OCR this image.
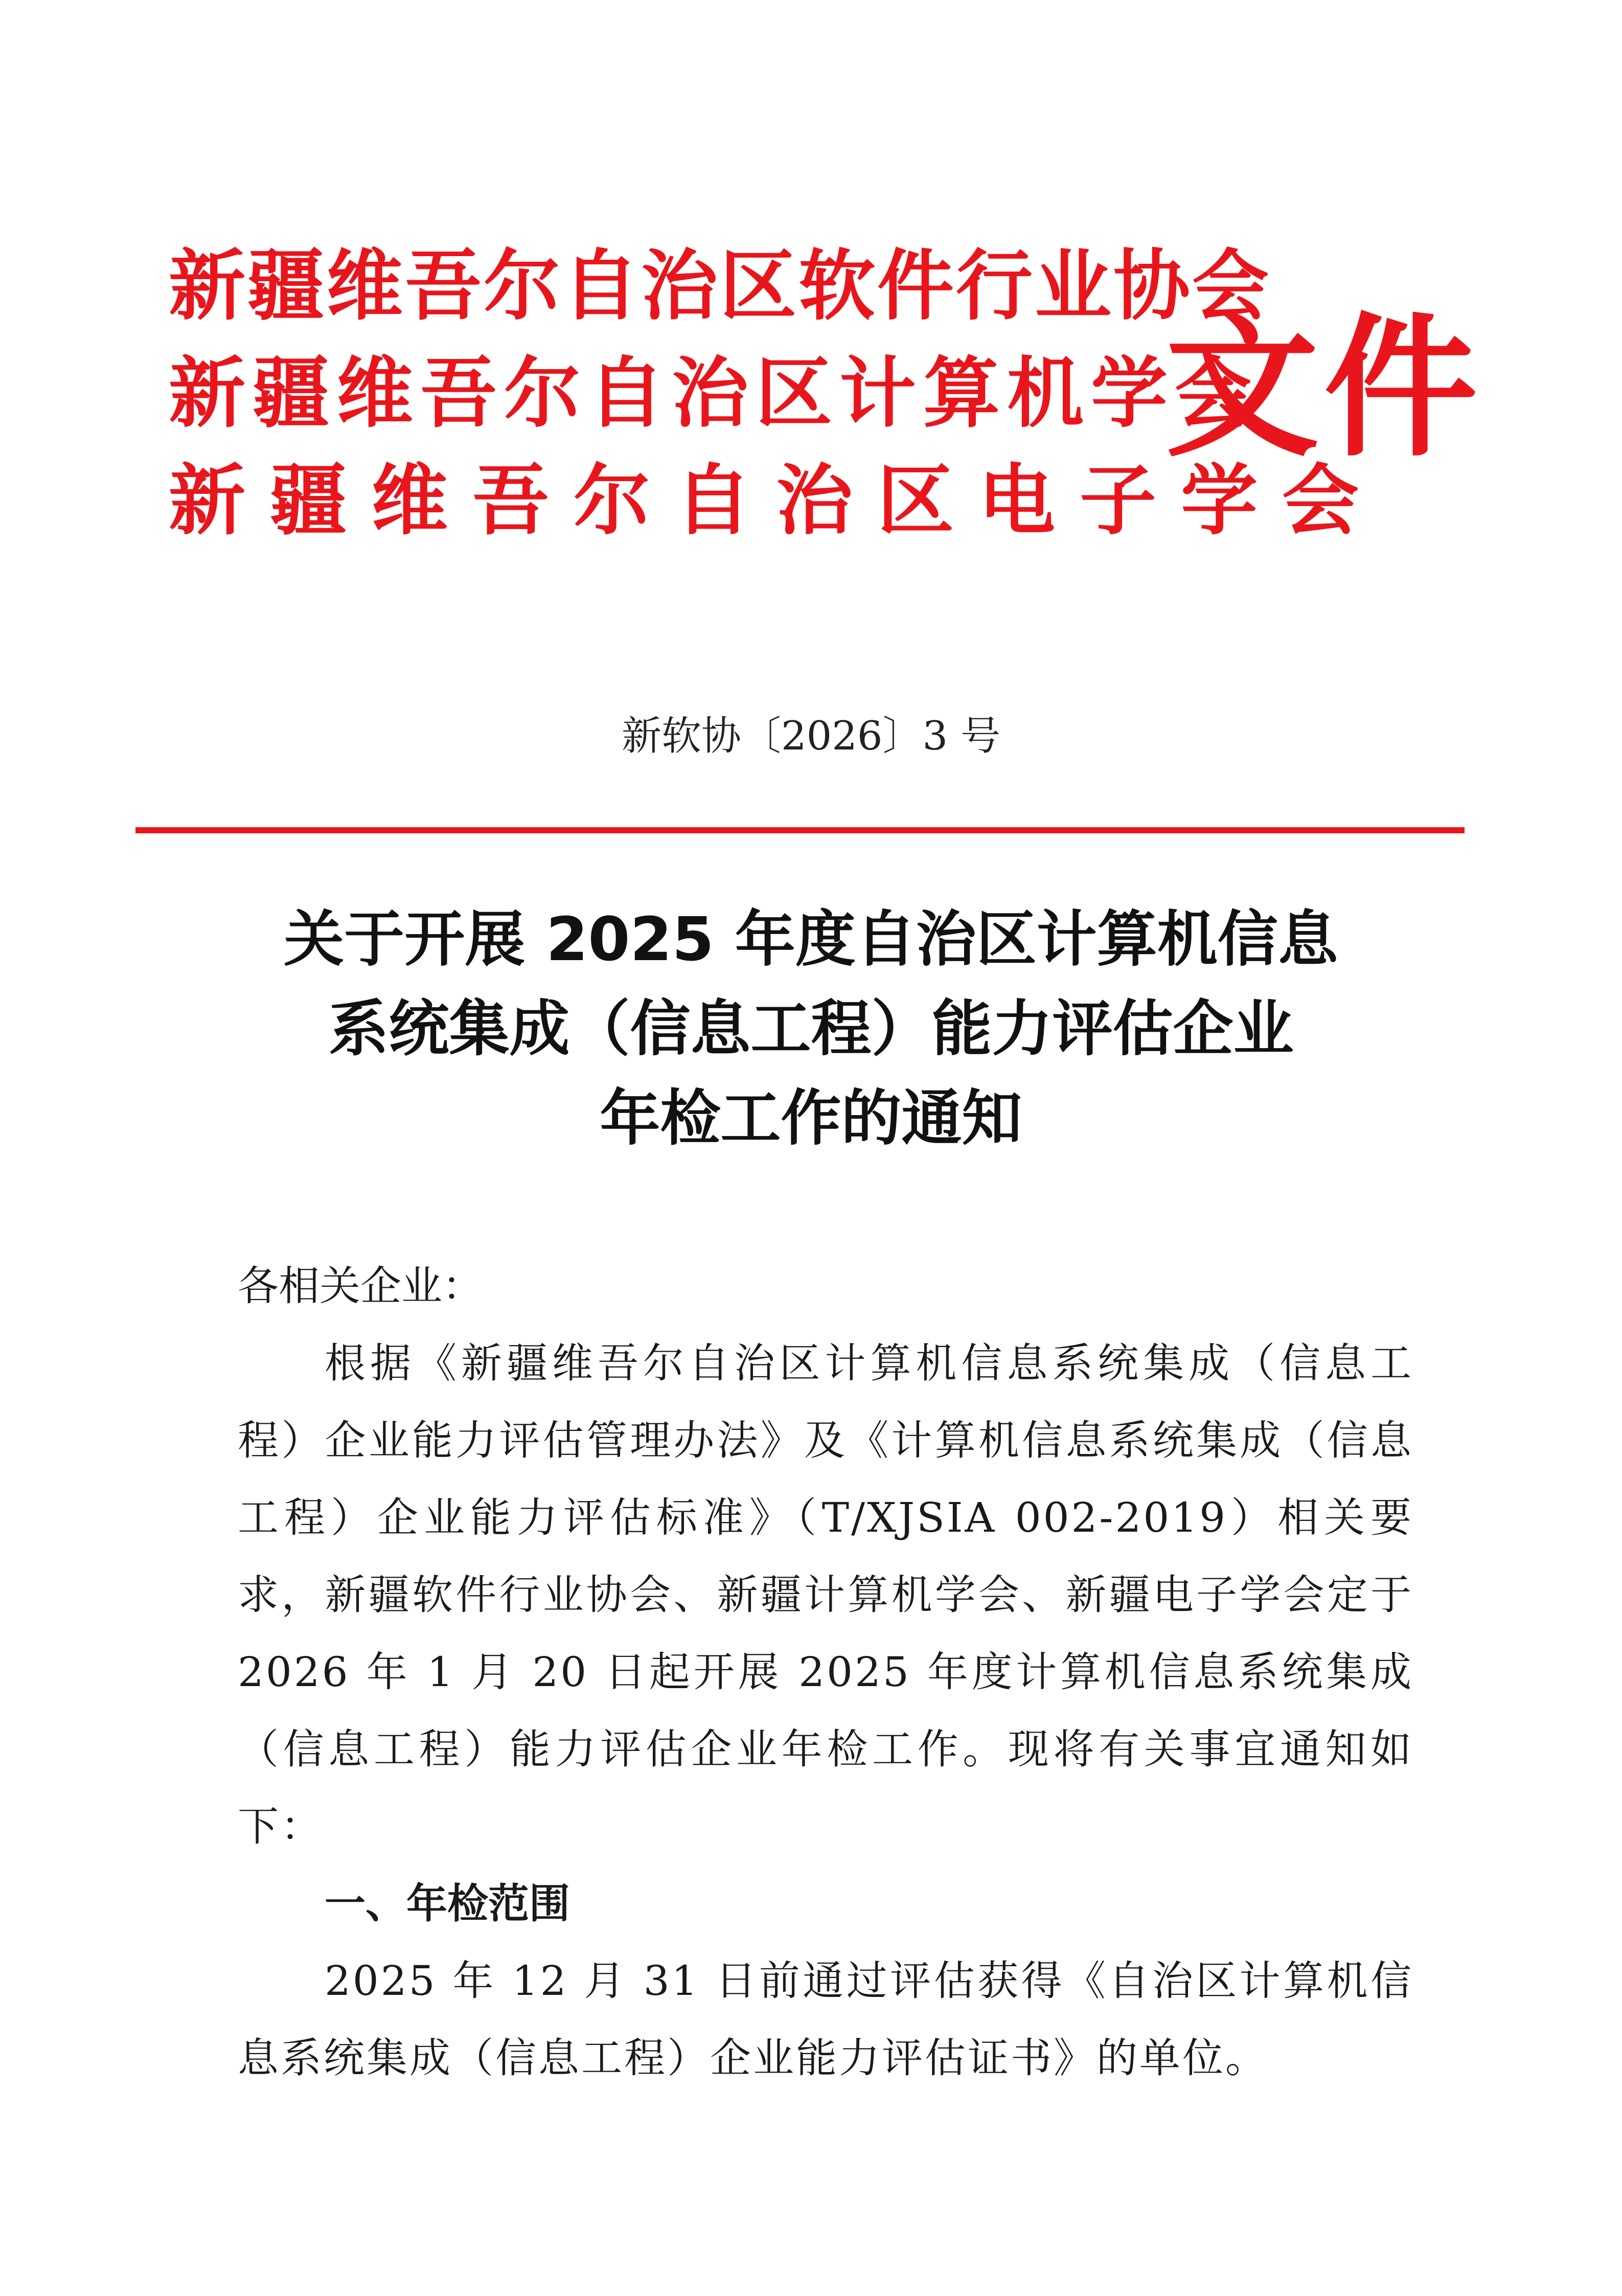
新疆维吾尔自治区软件行业协会
新疆维吾尔自治区计算机学会
新疆维吾尔自治区电子学会
文件
新软协〔2026〕3 号
关于开展 2025 年度自治区计算机信息
系统集成（信息工程）能力评估企业
年检工作的通知

各相关企业：

根据《新疆维吾尔自治区计算机信息系统集成（信息工程）企业能力评估管理办法》及《计算机信息系统集成（信息工程）企业能力评估标准》（T/XJSIA 002-2019）相关要求，新疆软件行业协会、新疆计算机学会、新疆电子学会定于 2026 年 1 月 20 日起开展 2025 年度计算机信息系统集成（信息工程）能力评估企业年检工作。现将有关事宜通知如下：

一、年检范围

2025 年 12 月 31 日前通过评估获得《自治区计算机信息系统集成（信息工程）企业能力评估证书》的单位。
